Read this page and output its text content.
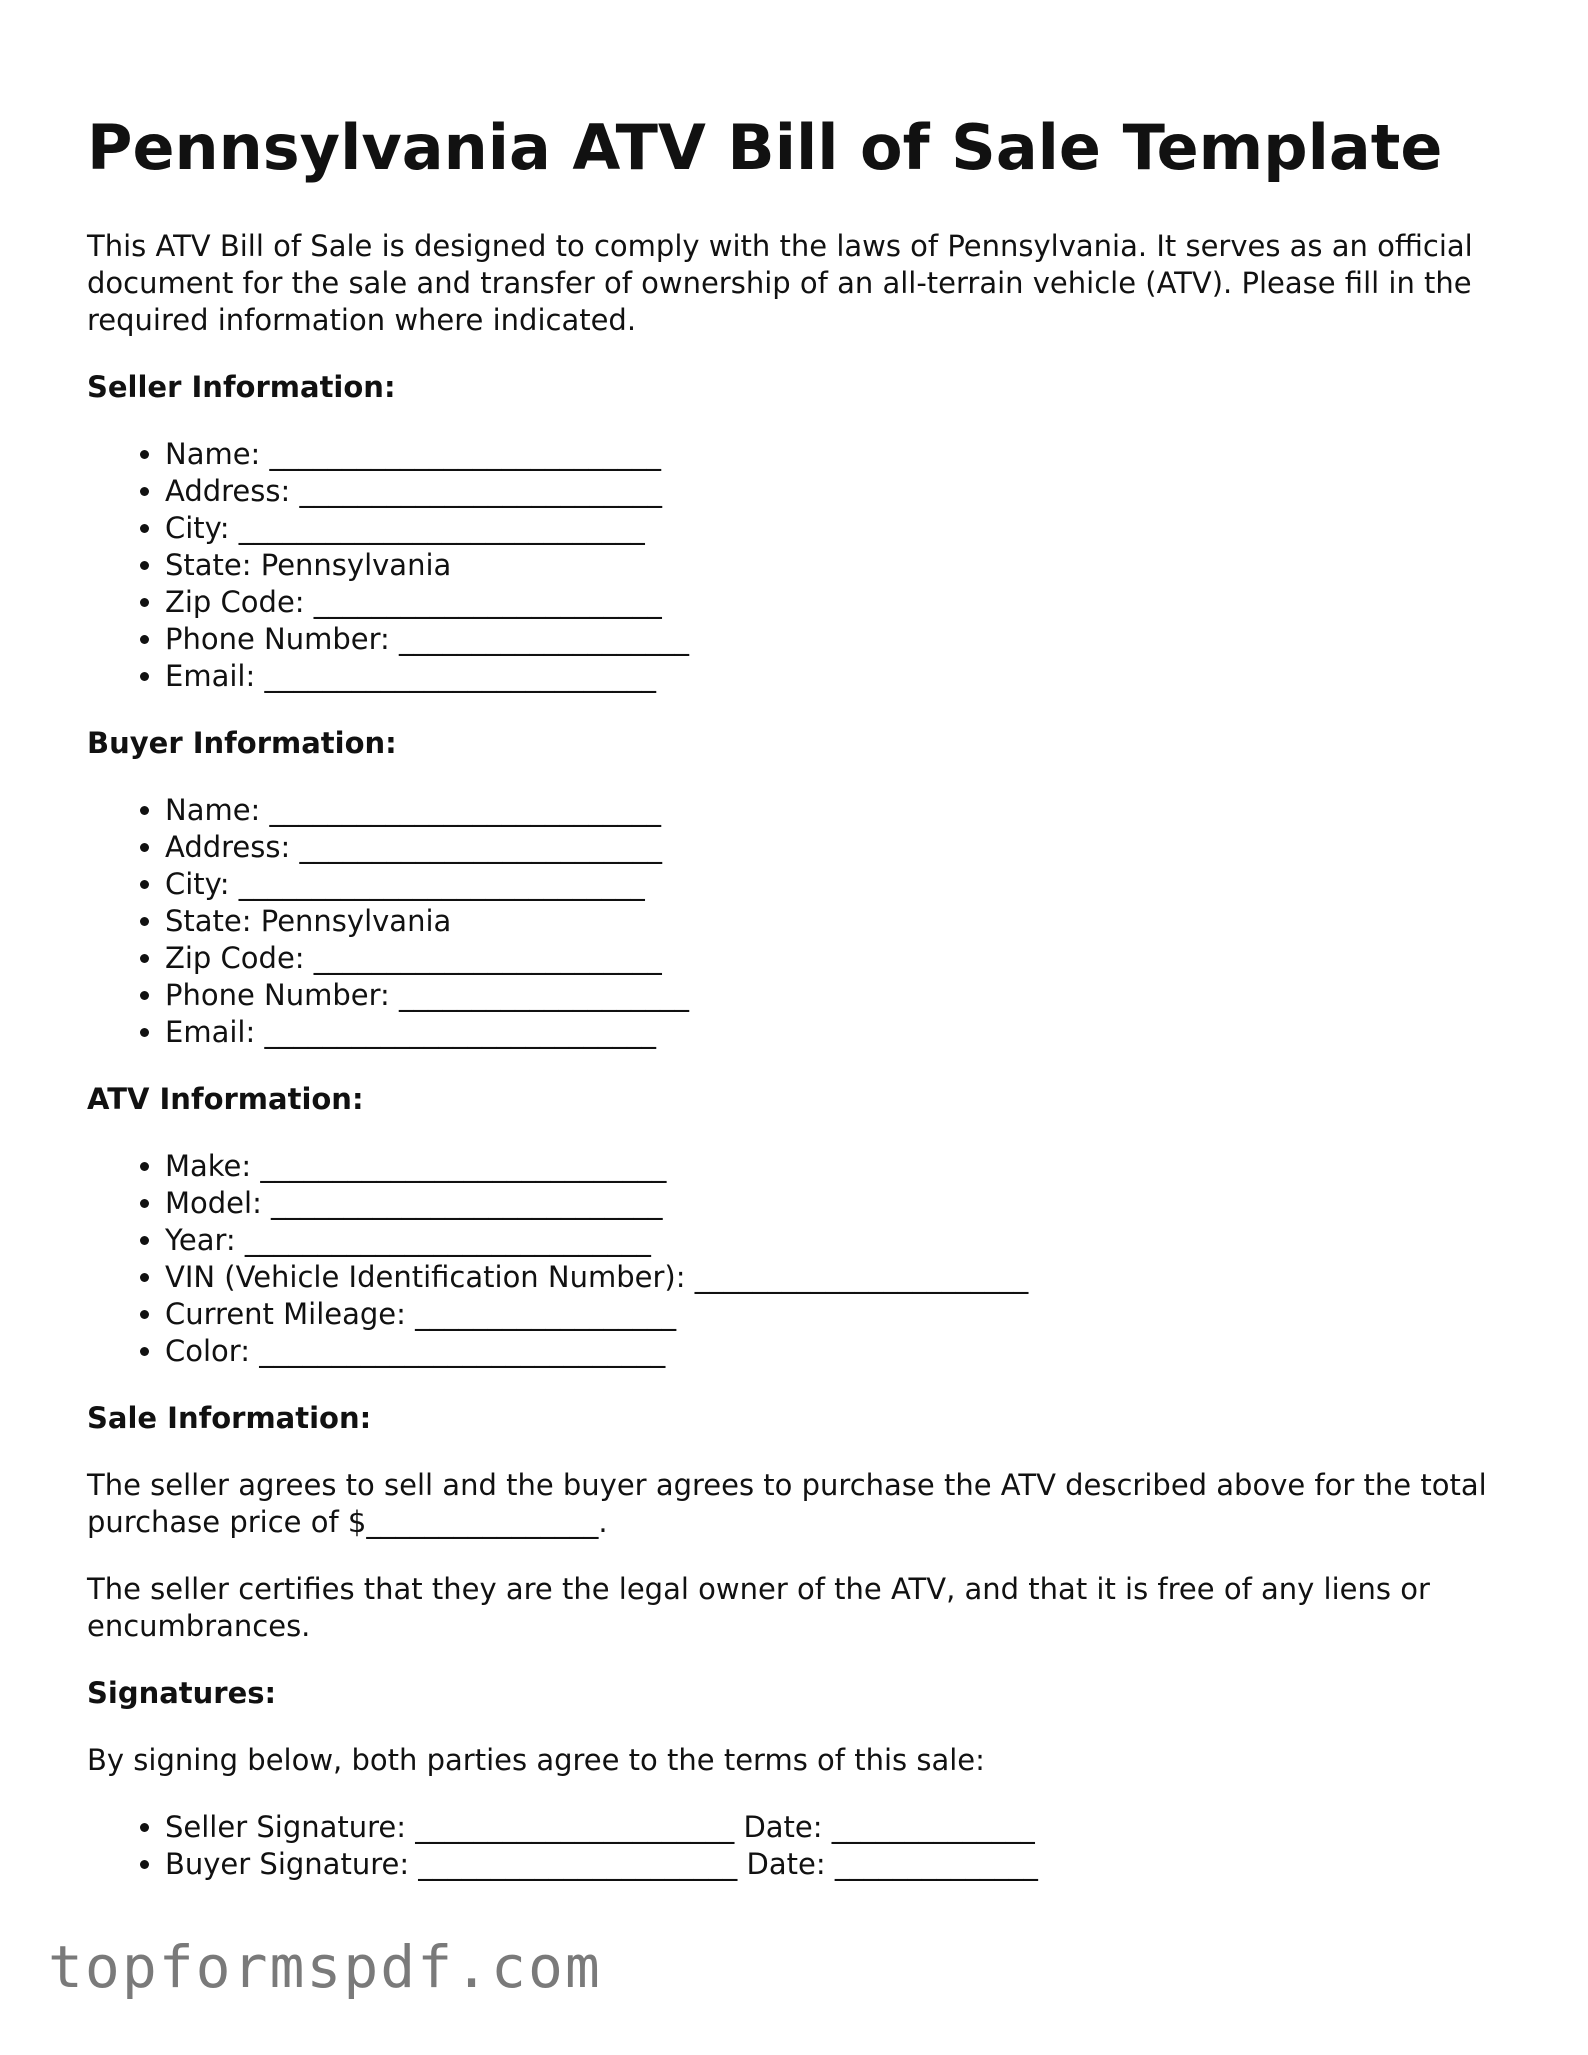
Pennsylvania ATV Bill of Sale Template

This ATV Bill of Sale is designed to comply with the laws of Pennsylvania. It serves as an official document for the sale and transfer of ownership of an all-terrain vehicle (ATV). Please fill in the required information where indicated.

Seller Information:
• Name: ___________________________
• Address: _________________________
• City: ____________________________
• State: Pennsylvania
• Zip Code: ________________________
• Phone Number: ____________________
• Email: ___________________________
Buyer Information:
• Name: ___________________________
• Address: _________________________
• City: ____________________________
• State: Pennsylvania
• Zip Code: ________________________
• Phone Number: ____________________
• Email: ___________________________
ATV Information:
• Make: ____________________________
• Model: ___________________________
• Year: ____________________________
• VIN (Vehicle Identification Number): _______________________
• Current Mileage: __________________
• Color: ____________________________
Sale Information:

The seller agrees to sell and the buyer agrees to purchase the ATV described above for the total purchase price of $________________.

The seller certifies that they are the legal owner of the ATV, and that it is free of any liens or encumbrances.

Signatures:

By signing below, both parties agree to the terms of this sale:

• Seller Signature: ______________________ Date: ______________
• Buyer Signature: ______________________ Date: ______________
topformspdf.com
